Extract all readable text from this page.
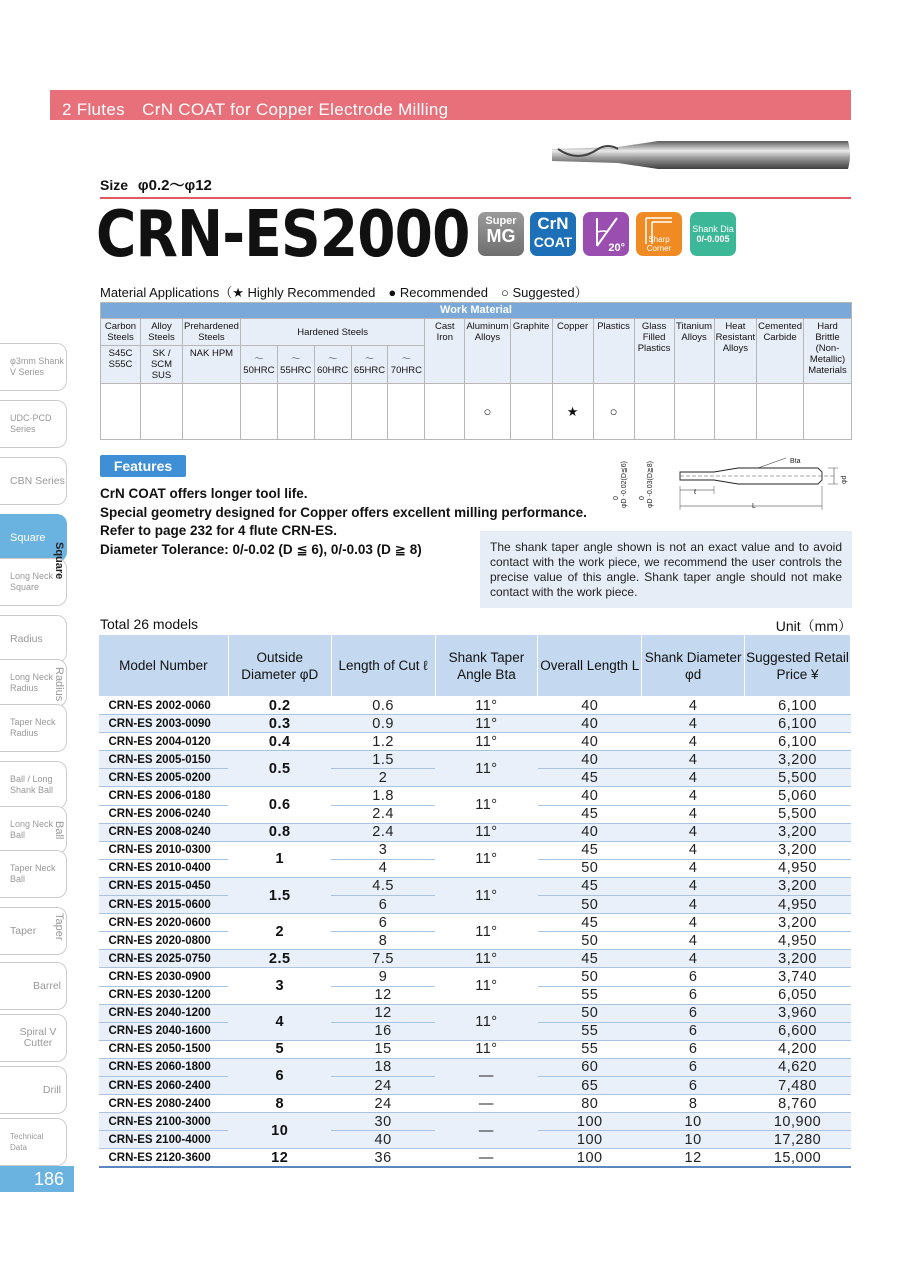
2 Flutes　CrN COAT for Copper Electrode Milling
Size φ0.2～φ12
CRN-ES2000	Super
MG
CrN
COAT	20°
Sharp Corner
Shank Dia
0/-0.005
Material Applications（★ Highly Recommended　● Recommended　○ Suggested）
Work Material																	
Carbon Steels	Alloy Steels	Prehardened Steels	Hardened Steels					Cast Iron	Aluminum Alloys	Graphite	Copper	Plastics	Glass Filled Plastics	Titanium Alloys	Heat Resistant Alloys	Cemented Carbide	Hard Brittle (Non-Metallic) Materials
S45C S55C	SK / SCM SUS	NAK HPM	～50HRC	～55HRC	～60HRC	～65HRC	～70HRC										
									○		★	○					
Features
CrN COAT offers longer tool life.
Special geometry designed for Copper offers excellent milling performance.
Refer to page 232 for 4 flute CRN-ES.
Diameter Tolerance: 0/-0.02 (D ≦ 6), 0/-0.03 (D ≧ 8)
0 φD -0.02(D≦6) 0 φD -0.03(D≧8)	Bta
ℓ
L
φd
The shank taper angle shown is not an exact value and to avoid contact with the work piece, we recommend the user controls the precise value of this angle. Shank taper angle should not make contact with the work piece.
Total 26 models	Unit（mm）
Model Number	Outside Diameter φD	Length of Cut ℓ	Shank Taper Angle Bta	Overall Length L	Shank Diameter φd	Suggested Retail Price ¥
CRN-ES 2002-0060	0.2	0.6	11°	40	4	6,100
CRN-ES 2003-0090	0.3	0.9	11°	40	4	6,100
CRN-ES 2004-0120	0.4	1.2	11°	40	4	6,100
CRN-ES 2005-0150	0.5	1.5	11°	40	4	3,200
CRN-ES 2005-0200		2		45	4	5,500
CRN-ES 2006-0180	0.6	1.8	11°	40	4	5,060
CRN-ES 2006-0240		2.4		45	4	5,500
CRN-ES 2008-0240	0.8	2.4	11°	40	4	3,200
CRN-ES 2010-0300	1	3	11°	45	4	3,200
CRN-ES 2010-0400		4		50	4	4,950
CRN-ES 2015-0450	1.5	4.5	11°	45	4	3,200
CRN-ES 2015-0600		6		50	4	4,950
CRN-ES 2020-0600	2	6	11°	45	4	3,200
CRN-ES 2020-0800		8		50	4	4,950
CRN-ES 2025-0750	2.5	7.5	11°	45	4	3,200
CRN-ES 2030-0900	3	9	11°	50	6	3,740
CRN-ES 2030-1200		12		55	6	6,050
CRN-ES 2040-1200	4	12	11°	50	6	3,960
CRN-ES 2040-1600		16		55	6	6,600
CRN-ES 2050-1500	5	15	11°	55	6	4,200
CRN-ES 2060-1800	6	18	—	60	6	4,620
CRN-ES 2060-2400		24		65	6	7,480
CRN-ES 2080-2400	8	24	—	80	8	8,760
CRN-ES 2100-3000	10	30	—	100	10	10,900
CRN-ES 2100-4000		40		100	10	17,280
CRN-ES 2120-3600	12	36	—	100	12	15,000
φ3mm Shank V Series
UDC·PCD Series
CBN Series
Square
Long Neck Square
Radius
Long Neck Radius
Taper Neck Radius
Ball / Long Shank Ball
Long Neck Ball
Taper Neck Ball
Taper
Barrel
Spiral V Cutter
Drill
Technical Data
Square
Radius
Ball
Taper
186
